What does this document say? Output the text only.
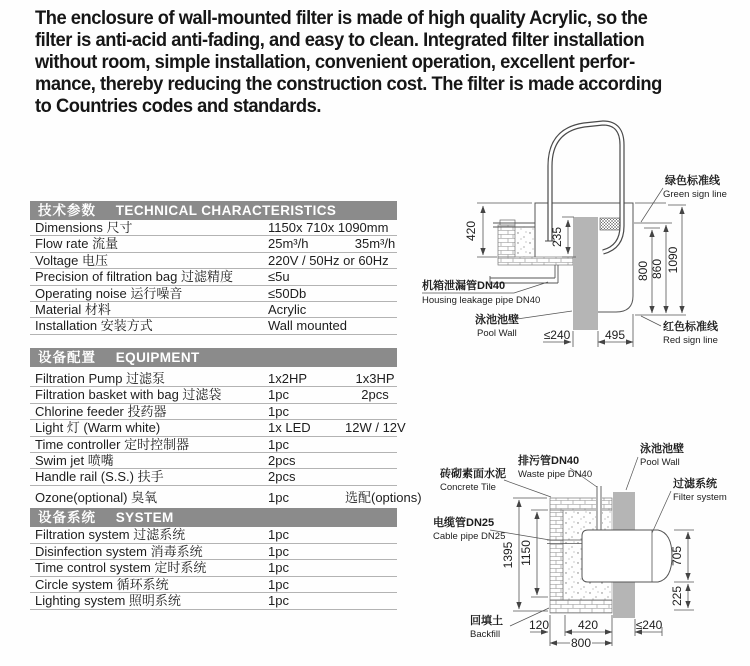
The enclosure of wall-mounted filter is made of high quality Acrylic, so the
filter is anti-acid anti-fading, and easy to clean. Integrated filter installation
without room, simple installation, convenient operation, excellent perfor-
mance, thereby reducing the construction cost. The filter is made according
to Countries codes and standards.
技术参数 TECHNICAL CHARACTERISTICS
Dimensions 尺寸	1150x 710x 1090mm
Flow rate 流量	25m³/h	35m³/h
Voltage 电压	220V / 50Hz or 60Hz
Precision of filtration bag 过滤精度	≤5u
Operating noise 运行噪音	≤50Db
Material 材料	Acrylic
Installation 安装方式	Wall mounted
设备配置 EQUIPMENT
Filtration Pump 过滤泵	1x2HP	1x3HP
Filtration basket with bag 过滤袋	1pc	2pcs
Chlorine feeder 投药器	1pc
Light 灯 (Warm white)	1x LED	12W / 12V
Time controller 定时控制器	1pc
Swim jet 喷嘴	2pcs
Handle rail (S.S.) 扶手	2pcs
Ozone(optional) 臭氧	1pc	选配(options)
设备系统 SYSTEM
Filtration system 过滤系统	1pc
Disinfection system 消毒系统	1pc
Time control system 定时系统	1pc
Circle system 循环系统	1pc
Lighting system 照明系统	1pc
420	235
800 860 1090
≤240	495
绿色标准线
Green sign line
红色标准线
Red sign line
泳池池壁
Pool Wall
机箱泄漏管DN40
Housing leakage pipe DN40
1395 1150	705
225
120 420	≤240
800
排污管DN40
Waste pipe DN40
泳池池壁
Pool Wall
砖砌素面水泥
Concrete Tile	过滤系统
Filter system
电缆管DN25
Cable pipe DN25
回填土
Backfill
